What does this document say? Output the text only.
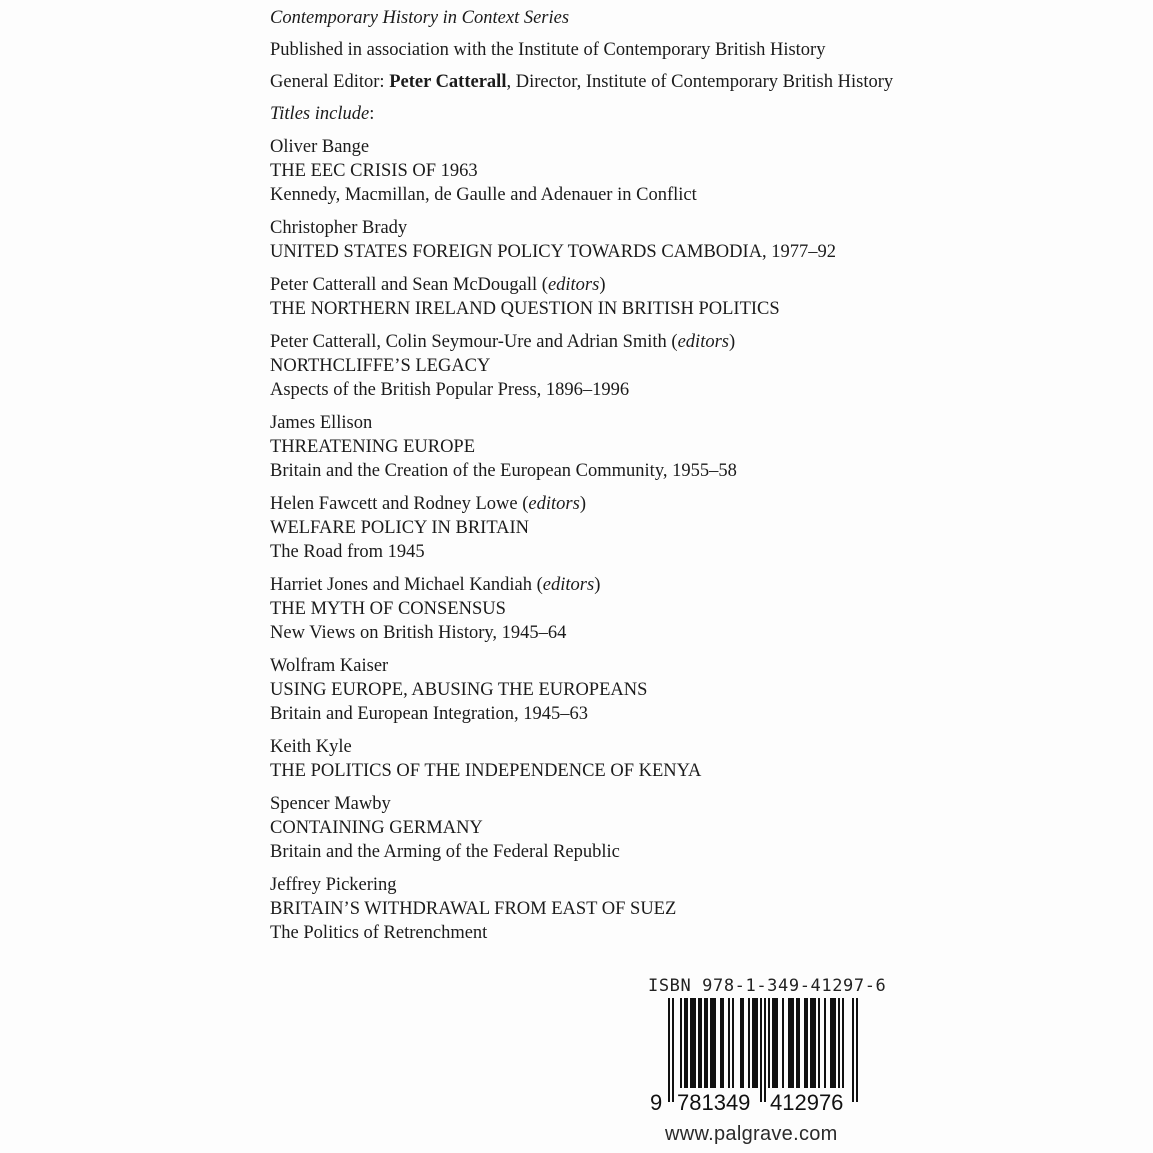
Contemporary History in Context Series
Published in association with the Institute of Contemporary British History
General Editor: Peter Catterall, Director, Institute of Contemporary British History
Titles include:
Oliver Bange
THE EEC CRISIS OF 1963
Kennedy, Macmillan, de Gaulle and Adenauer in Conflict
Christopher Brady
UNITED STATES FOREIGN POLICY TOWARDS CAMBODIA, 1977–92
Peter Catterall and Sean McDougall (editors)
THE NORTHERN IRELAND QUESTION IN BRITISH POLITICS
Peter Catterall, Colin Seymour-Ure and Adrian Smith (editors)
NORTHCLIFFE’S LEGACY
Aspects of the British Popular Press, 1896–1996
James Ellison
THREATENING EUROPE
Britain and the Creation of the European Community, 1955–58
Helen Fawcett and Rodney Lowe (editors)
WELFARE POLICY IN BRITAIN
The Road from 1945
Harriet Jones and Michael Kandiah (editors)
THE MYTH OF CONSENSUS
New Views on British History, 1945–64
Wolfram Kaiser
USING EUROPE, ABUSING THE EUROPEANS
Britain and European Integration, 1945–63
Keith Kyle
THE POLITICS OF THE INDEPENDENCE OF KENYA
Spencer Mawby
CONTAINING GERMANY
Britain and the Arming of the Federal Republic
Jeffrey Pickering
BRITAIN’S WITHDRAWAL FROM EAST OF SUEZ
The Politics of Retrenchment
ISBN 978-1-349-41297-6
9 781349 412976
www.palgrave.com
